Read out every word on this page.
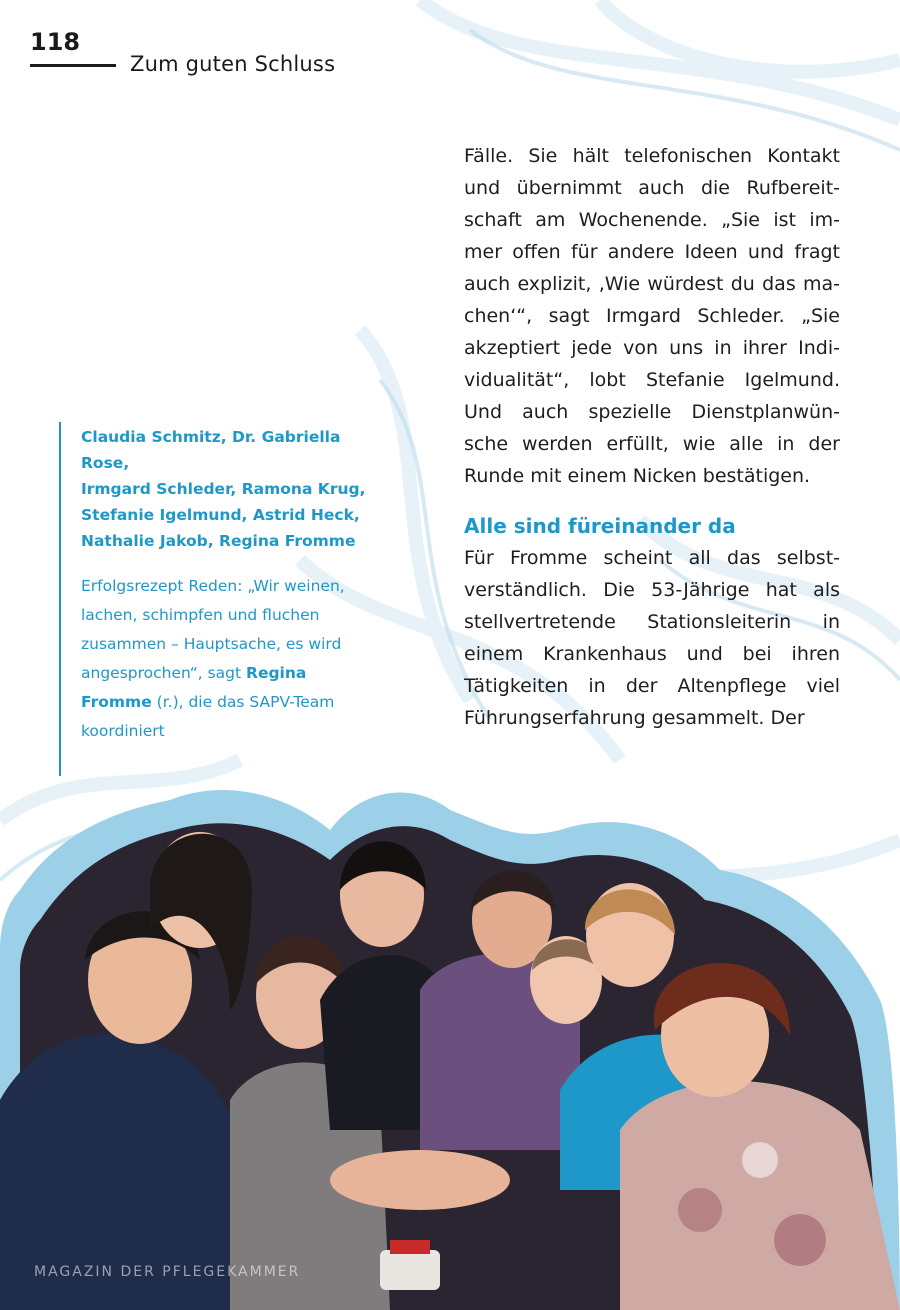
118
Zum guten Schluss

Fälle. Sie hält telefonischen Kontakt
und übernimmt auch die Rufbereit-
schaft am Wochenende. „Sie ist im-
mer offen für andere Ideen und fragt
auch explizit, ‚Wie würdest du das ma-
chen‘“, sagt Irmgard Schleder. „Sie
akzeptiert jede von uns in ihrer Indi-
vidualität“, lobt Stefanie Igelmund.
Und auch spezielle Dienstplanwün-
sche werden erfüllt, wie alle in der
Runde mit einem Nicken bestätigen.

Alle sind füreinander da

Für Fromme scheint all das selbst-
verständlich. Die 53-Jährige hat als
stellvertretende Stationsleiterin in
einem Krankenhaus und bei ihren
Tätigkeiten in der Altenpflege viel
Führungserfahrung gesammelt. Der

Claudia Schmitz, Dr. Gabriella Rose,
Irmgard Schleder, Ramona Krug,
Stefanie Igelmund, Astrid Heck,
Nathalie Jakob, Regina Fromme

Erfolgsrezept Reden: „Wir weinen, lachen, schimpfen und fluchen zusammen – Hauptsache, es wird angesprochen“, sagt Regina Fromme (r.), die das SAPV-Team koordiniert

MAGAZIN DER PFLEGEKAMMER
